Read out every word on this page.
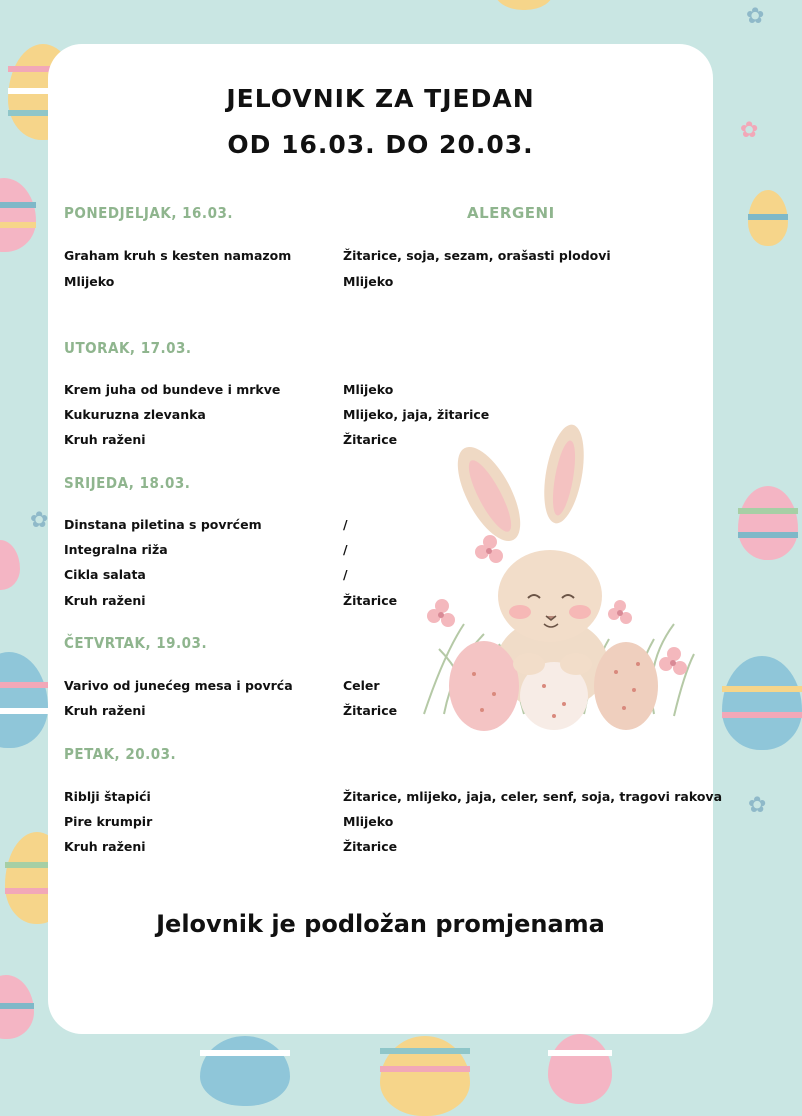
✿
✿
✿
✿
JELOVNIK ZA TJEDAN
OD 16.03. DO 20.03.
ALERGENI
PONEDJELJAK, 16.03.
Graham kruh s kesten namazom	Žitarice, soja, sezam, orašasti plodovi
Mlijeko	Mlijeko
UTORAK, 17.03.
Krem juha od bundeve i mrkve	Mlijeko
Kukuruzna zlevanka	Mlijeko, jaja, žitarice
Kruh raženi	Žitarice
SRIJEDA, 18.03.
Dinstana piletina s povrćem	/
Integralna riža	/
Cikla salata	/
Kruh raženi	Žitarice
ČETVRTAK, 19.03.
Varivo od junećeg mesa i povrća	Celer
Kruh raženi	Žitarice
PETAK, 20.03.
Riblji štapići	Žitarice, mlijeko, jaja, celer, senf, soja, tragovi rakova
Pire krumpir	Mlijeko
Kruh raženi	Žitarice
Jelovnik je podložan promjenama
